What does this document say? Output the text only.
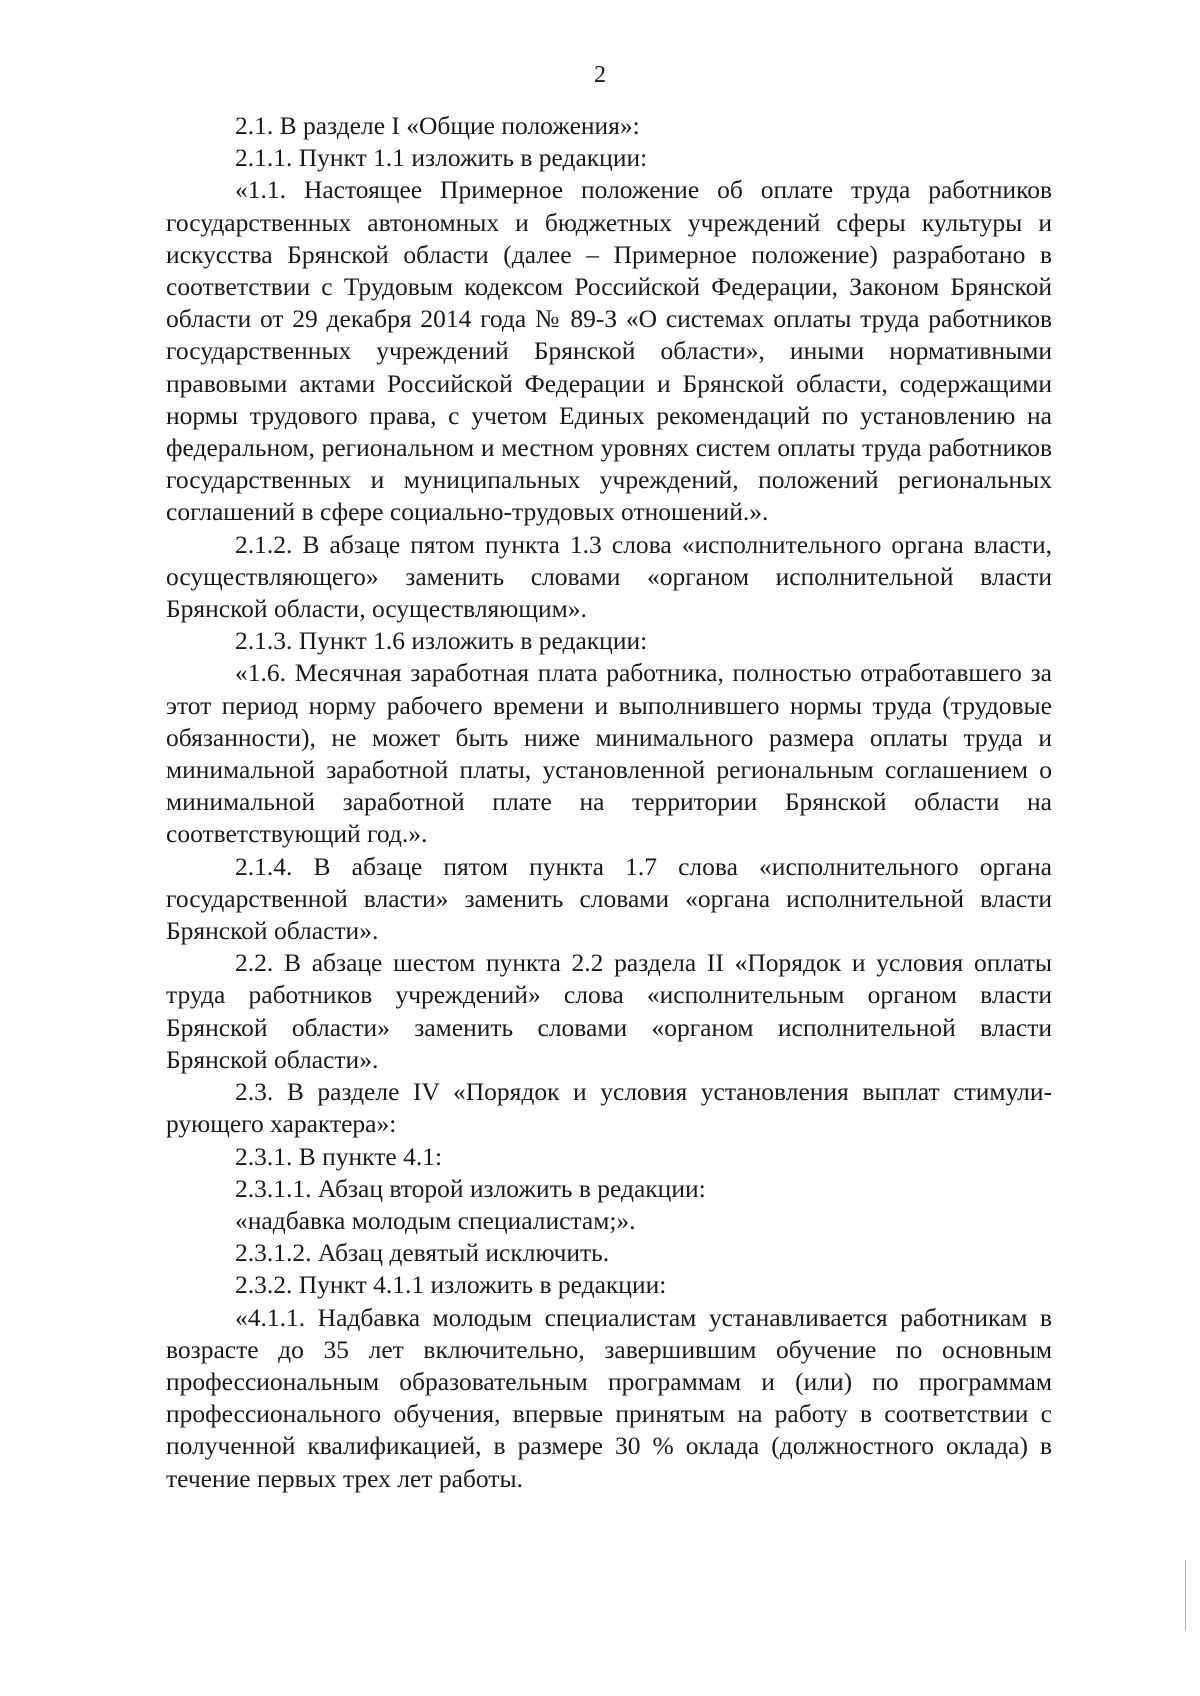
2

2.1. В разделе I «Общие положения»:

2.1.1. Пункт 1.1 изложить в редакции:

«1.1. Настоящее Примерное положение об оплате труда работников государственных автономных и бюджетных учреждений сферы культуры и искусства Брянской области (далее – Примерное положение) разработано в соответствии с Трудовым кодексом Российской Федерации, Законом Брянской области от 29 декабря 2014 года № 89-З «О системах оплаты труда работников государственных учреждений Брянской области», иными нормативными правовыми актами Российской Федерации и Брянской области, содержащими нормы трудового права, с учетом Единых рекомендаций по установлению на федеральном, региональном и местном уровнях систем оплаты труда работников государственных и муниципальных учреждений, положений региональных соглашений в сфере социально-трудовых отношений.».

2.1.2. В абзаце пятом пункта 1.3 слова «исполнительного органа власти, осуществляющего» заменить словами «органом исполнительной власти Брянской области, осуществляющим».

2.1.3. Пункт 1.6 изложить в редакции:

«1.6. Месячная заработная плата работника, полностью отработавшего за этот период норму рабочего времени и выполнившего нормы труда (трудовые обязанности), не может быть ниже минимального размера оплаты труда и минимальной заработной платы, установленной региональным соглашением о минимальной заработной плате на территории Брянской области на соответствующий год.».

2.1.4. В абзаце пятом пункта 1.7 слова «исполнительного органа государственной власти» заменить словами «органа исполнительной власти Брянской области».

2.2. В абзаце шестом пункта 2.2 раздела II «Порядок и условия оплаты труда работников учреждений» слова «исполнительным органом власти Брянской области» заменить словами «органом исполнительной власти Брянской области».

2.3. В разделе IV «Порядок и условия установления выплат стимулирующего характера»:

2.3.1. В пункте 4.1:

2.3.1.1. Абзац второй изложить в редакции:

«надбавка молодым специалистам;».

2.3.1.2. Абзац девятый исключить.

2.3.2. Пункт 4.1.1 изложить в редакции:

«4.1.1. Надбавка молодым специалистам устанавливается работникам в возрасте до 35 лет включительно, завершившим обучение по основным профессиональным образовательным программам и (или) по программам профессионального обучения, впервые принятым на работу в соответствии с полученной квалификацией, в размере 30 % оклада (должностного оклада) в течение первых трех лет работы.
